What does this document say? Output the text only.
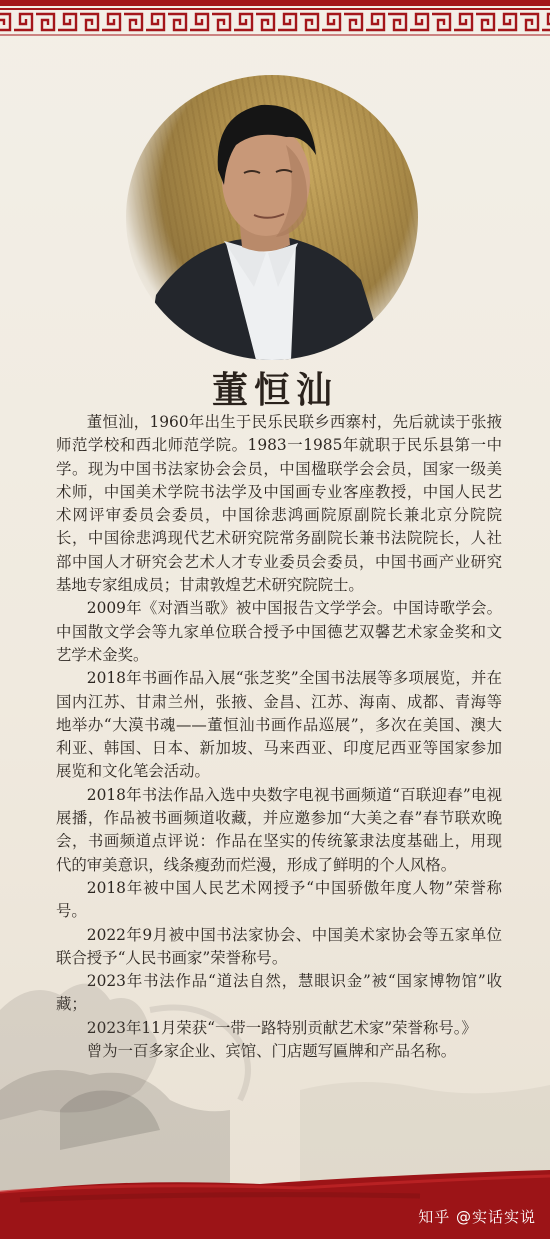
董恒汕

董恒汕，1960年出生于民乐民联乡西寨村，先后就读于张掖师范学校和西北师范学院。1983一1985年就职于民乐县第一中学。现为中国书法家协会会员，中国楹联学会会员，国家一级美术师，中国美术学院书法学及中国画专业客座教授，中国人民艺术网评审委员会委员，中国徐悲鸿画院原副院长兼北京分院院长，中国徐悲鸿现代艺术研究院常务副院长兼书法院院长，人社部中国人才研究会艺术人才专业委员会委员，中国书画产业研究基地专家组成员；甘肃敦煌艺术研究院院士。

2009年《对酒当歌》被中国报告文学学会。中国诗歌学会。中国散文学会等九家单位联合授予中国德艺双馨艺术家金奖和文艺学术金奖。

2018年书画作品入展“张芝奖”全国书法展等多项展览，并在国内江苏、甘肃兰州，张掖、金昌、江苏、海南、成都、青海等地举办“大漠书魂——董恒汕书画作品巡展”，多次在美国、澳大利亚、韩国、日本、新加坡、马来西亚、印度尼西亚等国家参加展览和文化笔会活动。

2018年书法作品入选中央数字电视书画频道“百联迎春”电视展播，作品被书画频道收藏，并应邀参加“大美之春”春节联欢晚会，书画频道点评说：作品在坚实的传统篆隶法度基础上，用现代的审美意识，线条瘦劲而烂漫，形成了鲜明的个人风格。

2018年被中国人民艺术网授予“中国骄傲年度人物”荣誉称号。

2022年9月被中国书法家协会、中国美术家协会等五家单位联合授予“人民书画家”荣誉称号。

2023年书法作品“道法自然，慧眼识金”被“国家博物馆”收藏；

2023年11月荣获“一带一路特别贡献艺术家”荣誉称号。》

曾为一百多家企业、宾馆、门店题写匾牌和产品名称。

知乎 @实话实说
